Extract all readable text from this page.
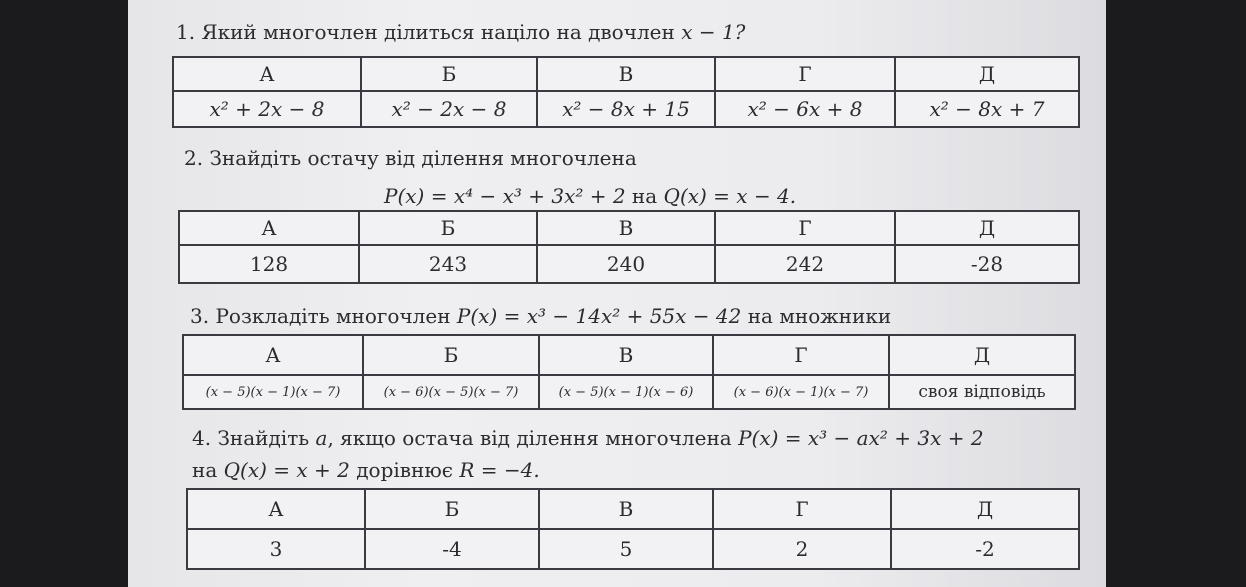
1. Який многочлен ділиться націло на двочлен x − 1?
А	Б	В	Г	Д
x² + 2x − 8	x² − 2x − 8	x² − 8x + 15	x² − 6x + 8	x² − 8x + 7
2. Знайдіть остачу від ділення многочлена
P(x) = x⁴ − x³ + 3x² + 2 на Q(x) = x − 4.
А	Б	В	Г	Д
128	243	240	242	-28
3. Розкладіть многочлен P(x) = x³ − 14x² + 55x − 42 на множники
А	Б	В	Г	Д
(x − 5)(x − 1)(x − 7)	(x − 6)(x − 5)(x − 7)	(x − 5)(x − 1)(x − 6)	(x − 6)(x − 1)(x − 7)	своя відповідь
4. Знайдіть a, якщо остача від ділення многочлена P(x) = x³ − ax² + 3x + 2
на Q(x) = x + 2 дорівнює R = −4.
А	Б	В	Г	Д
3	-4	5	2	-2
